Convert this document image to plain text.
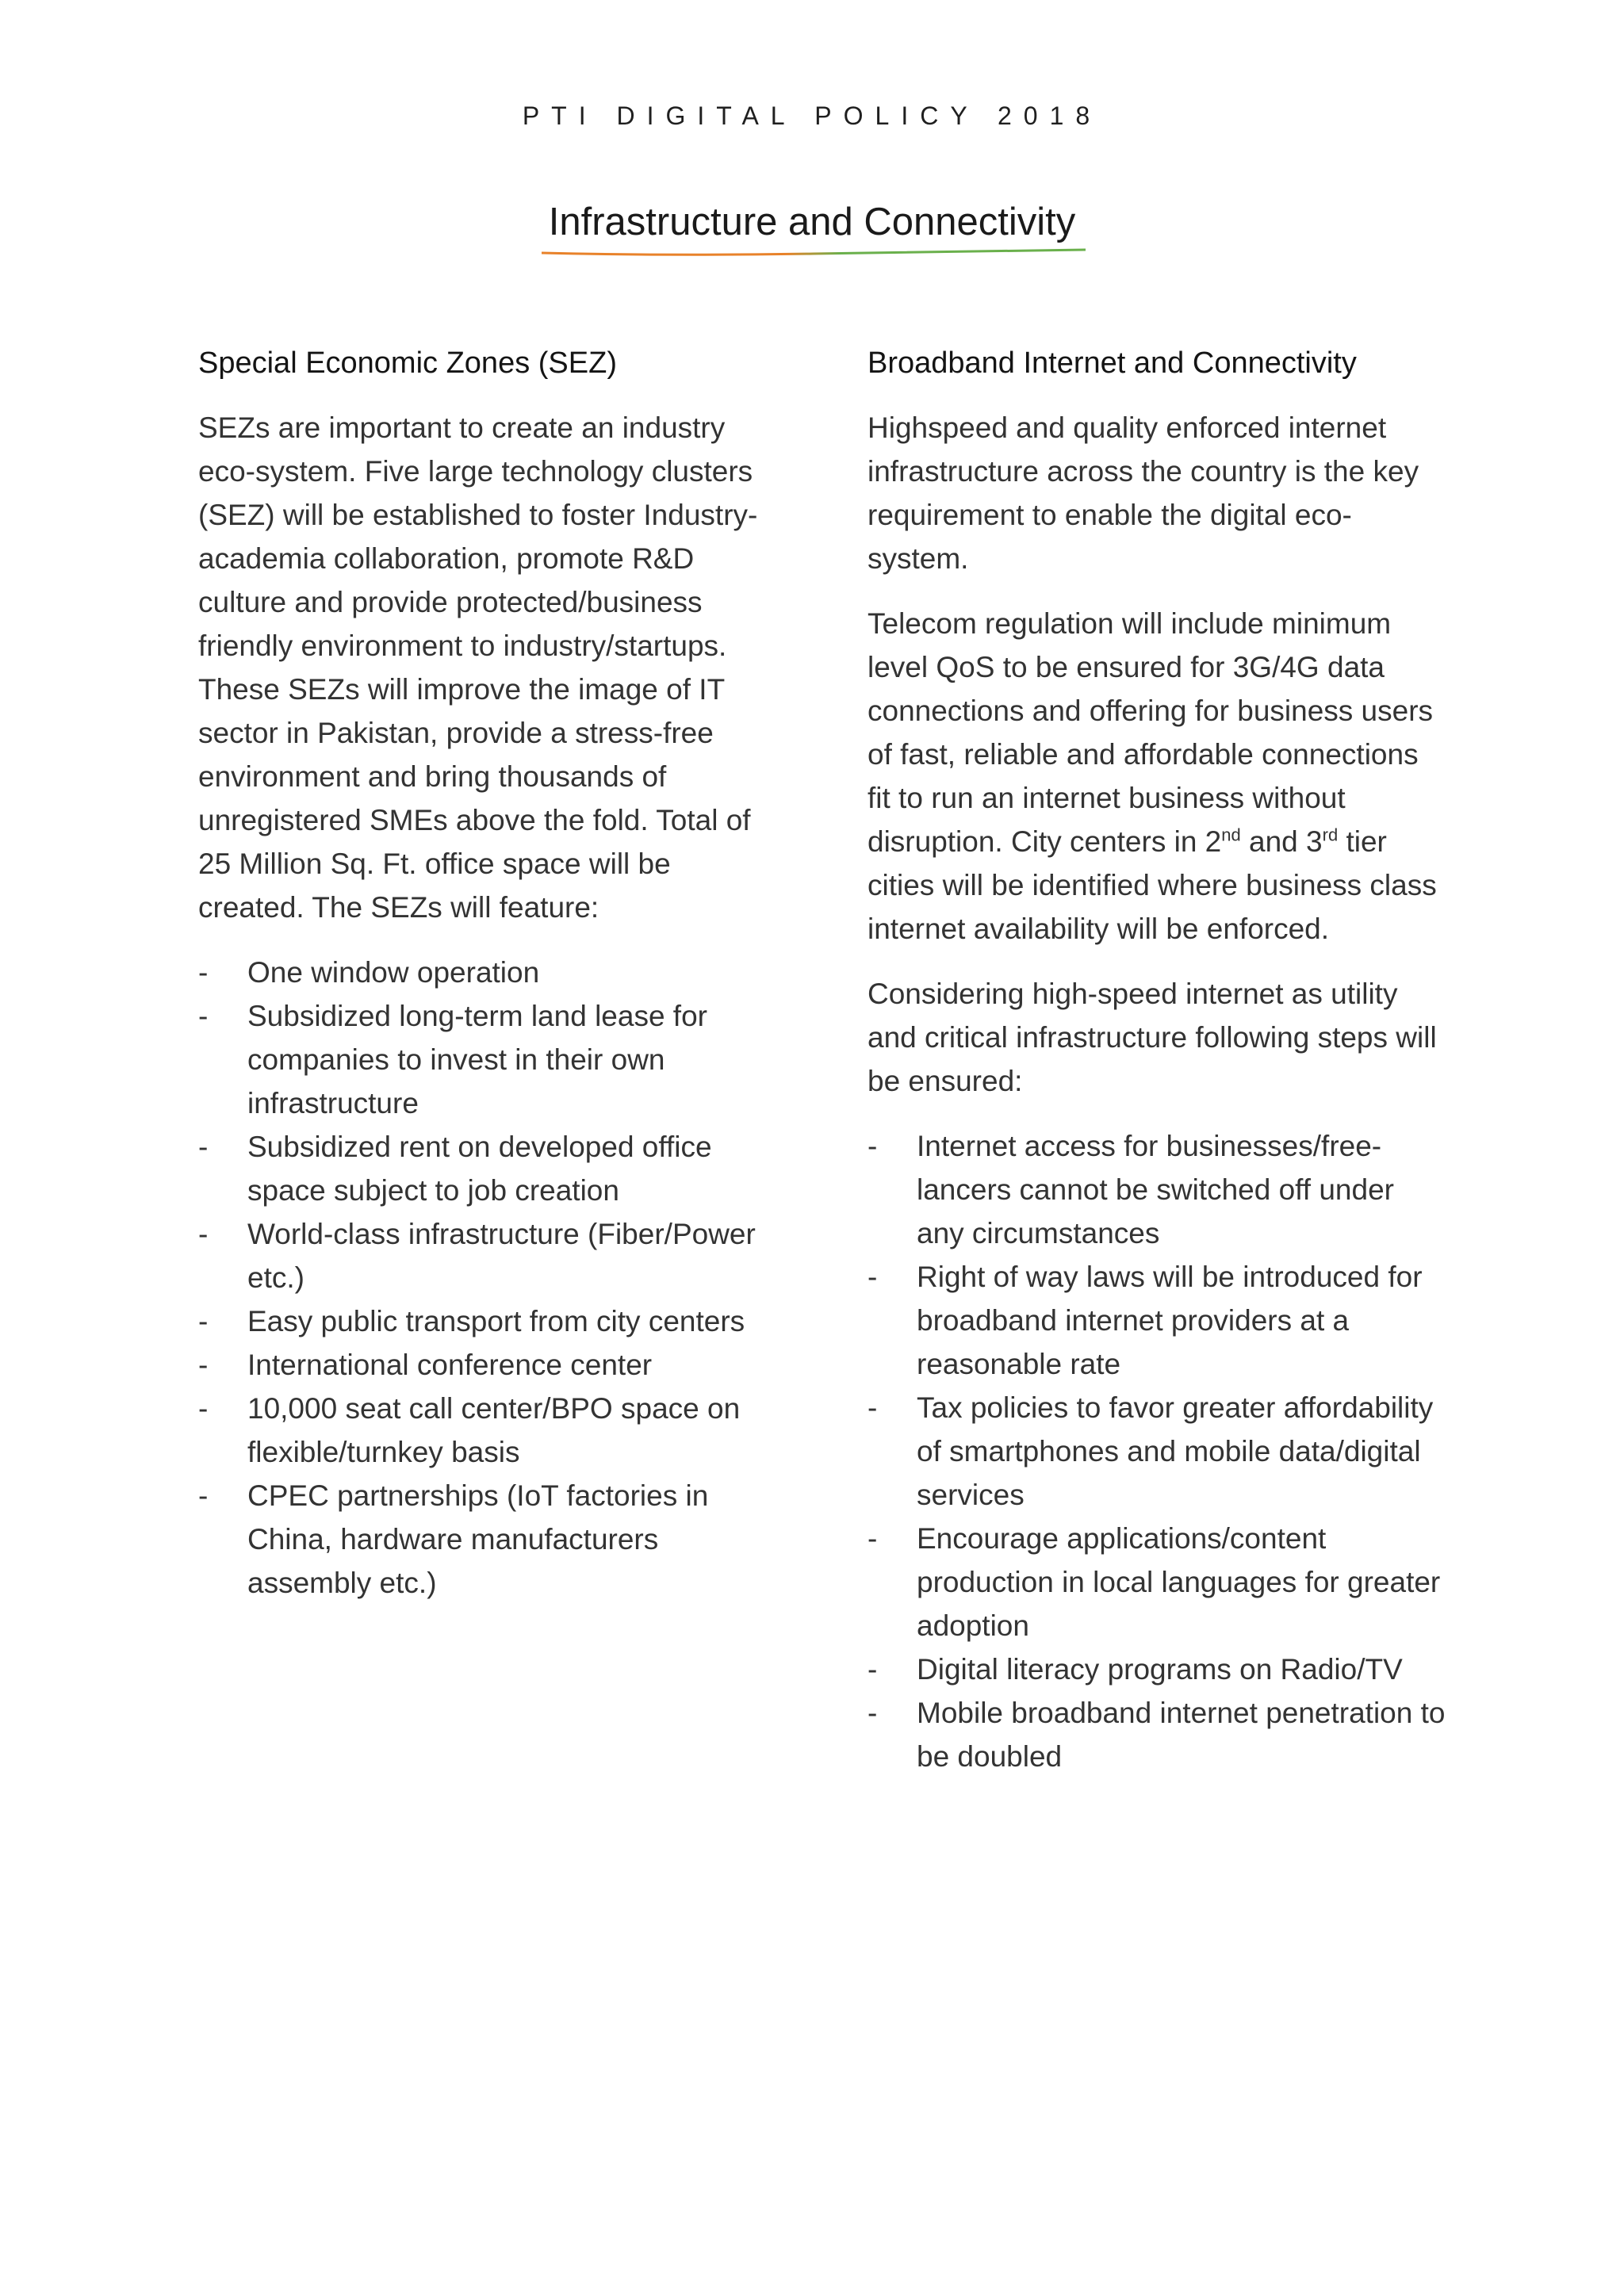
PTI DIGITAL POLICY 2018
Infrastructure and Connectivity
Special Economic Zones (SEZ)

SEZs are important to create an industry eco-system. Five large technology clusters (SEZ) will be established to foster Industry-academia collaboration, promote R&D culture and provide protected/business friendly environment to industry/startups. These SEZs will improve the image of IT sector in Pakistan, provide a stress-free environment and bring thousands of unregistered SMEs above the fold. Total of 25 Million Sq. Ft. office space will be created. The SEZs will feature:

- One window operation
- Subsidized long-term land lease for companies to invest in their own infrastructure
- Subsidized rent on developed office space subject to job creation
- World-class infrastructure (Fiber/Power etc.)
- Easy public transport from city centers
- International conference center
- 10,000 seat call center/BPO space on flexible/turnkey basis
- CPEC partnerships (IoT factories in China, hardware manufacturers assembly etc.)
Broadband Internet and Connectivity

Highspeed and quality enforced internet infrastructure across the country is the key requirement to enable the digital eco-system.

Telecom regulation will include minimum level QoS to be ensured for 3G/4G data connections and offering for business users of fast, reliable and affordable connections fit to run an internet business without disruption. City centers in 2nd and 3rd tier cities will be identified where business class internet availability will be enforced.

Considering high-speed internet as utility and critical infrastructure following steps will be ensured:

- Internet access for businesses/free-lancers cannot be switched off under any circumstances
- Right of way laws will be introduced for broadband internet providers at a reasonable rate
- Tax policies to favor greater affordability of smartphones and mobile data/digital services
- Encourage applications/content production in local languages for greater adoption
- Digital literacy programs on Radio/TV
- Mobile broadband internet penetration to be doubled
